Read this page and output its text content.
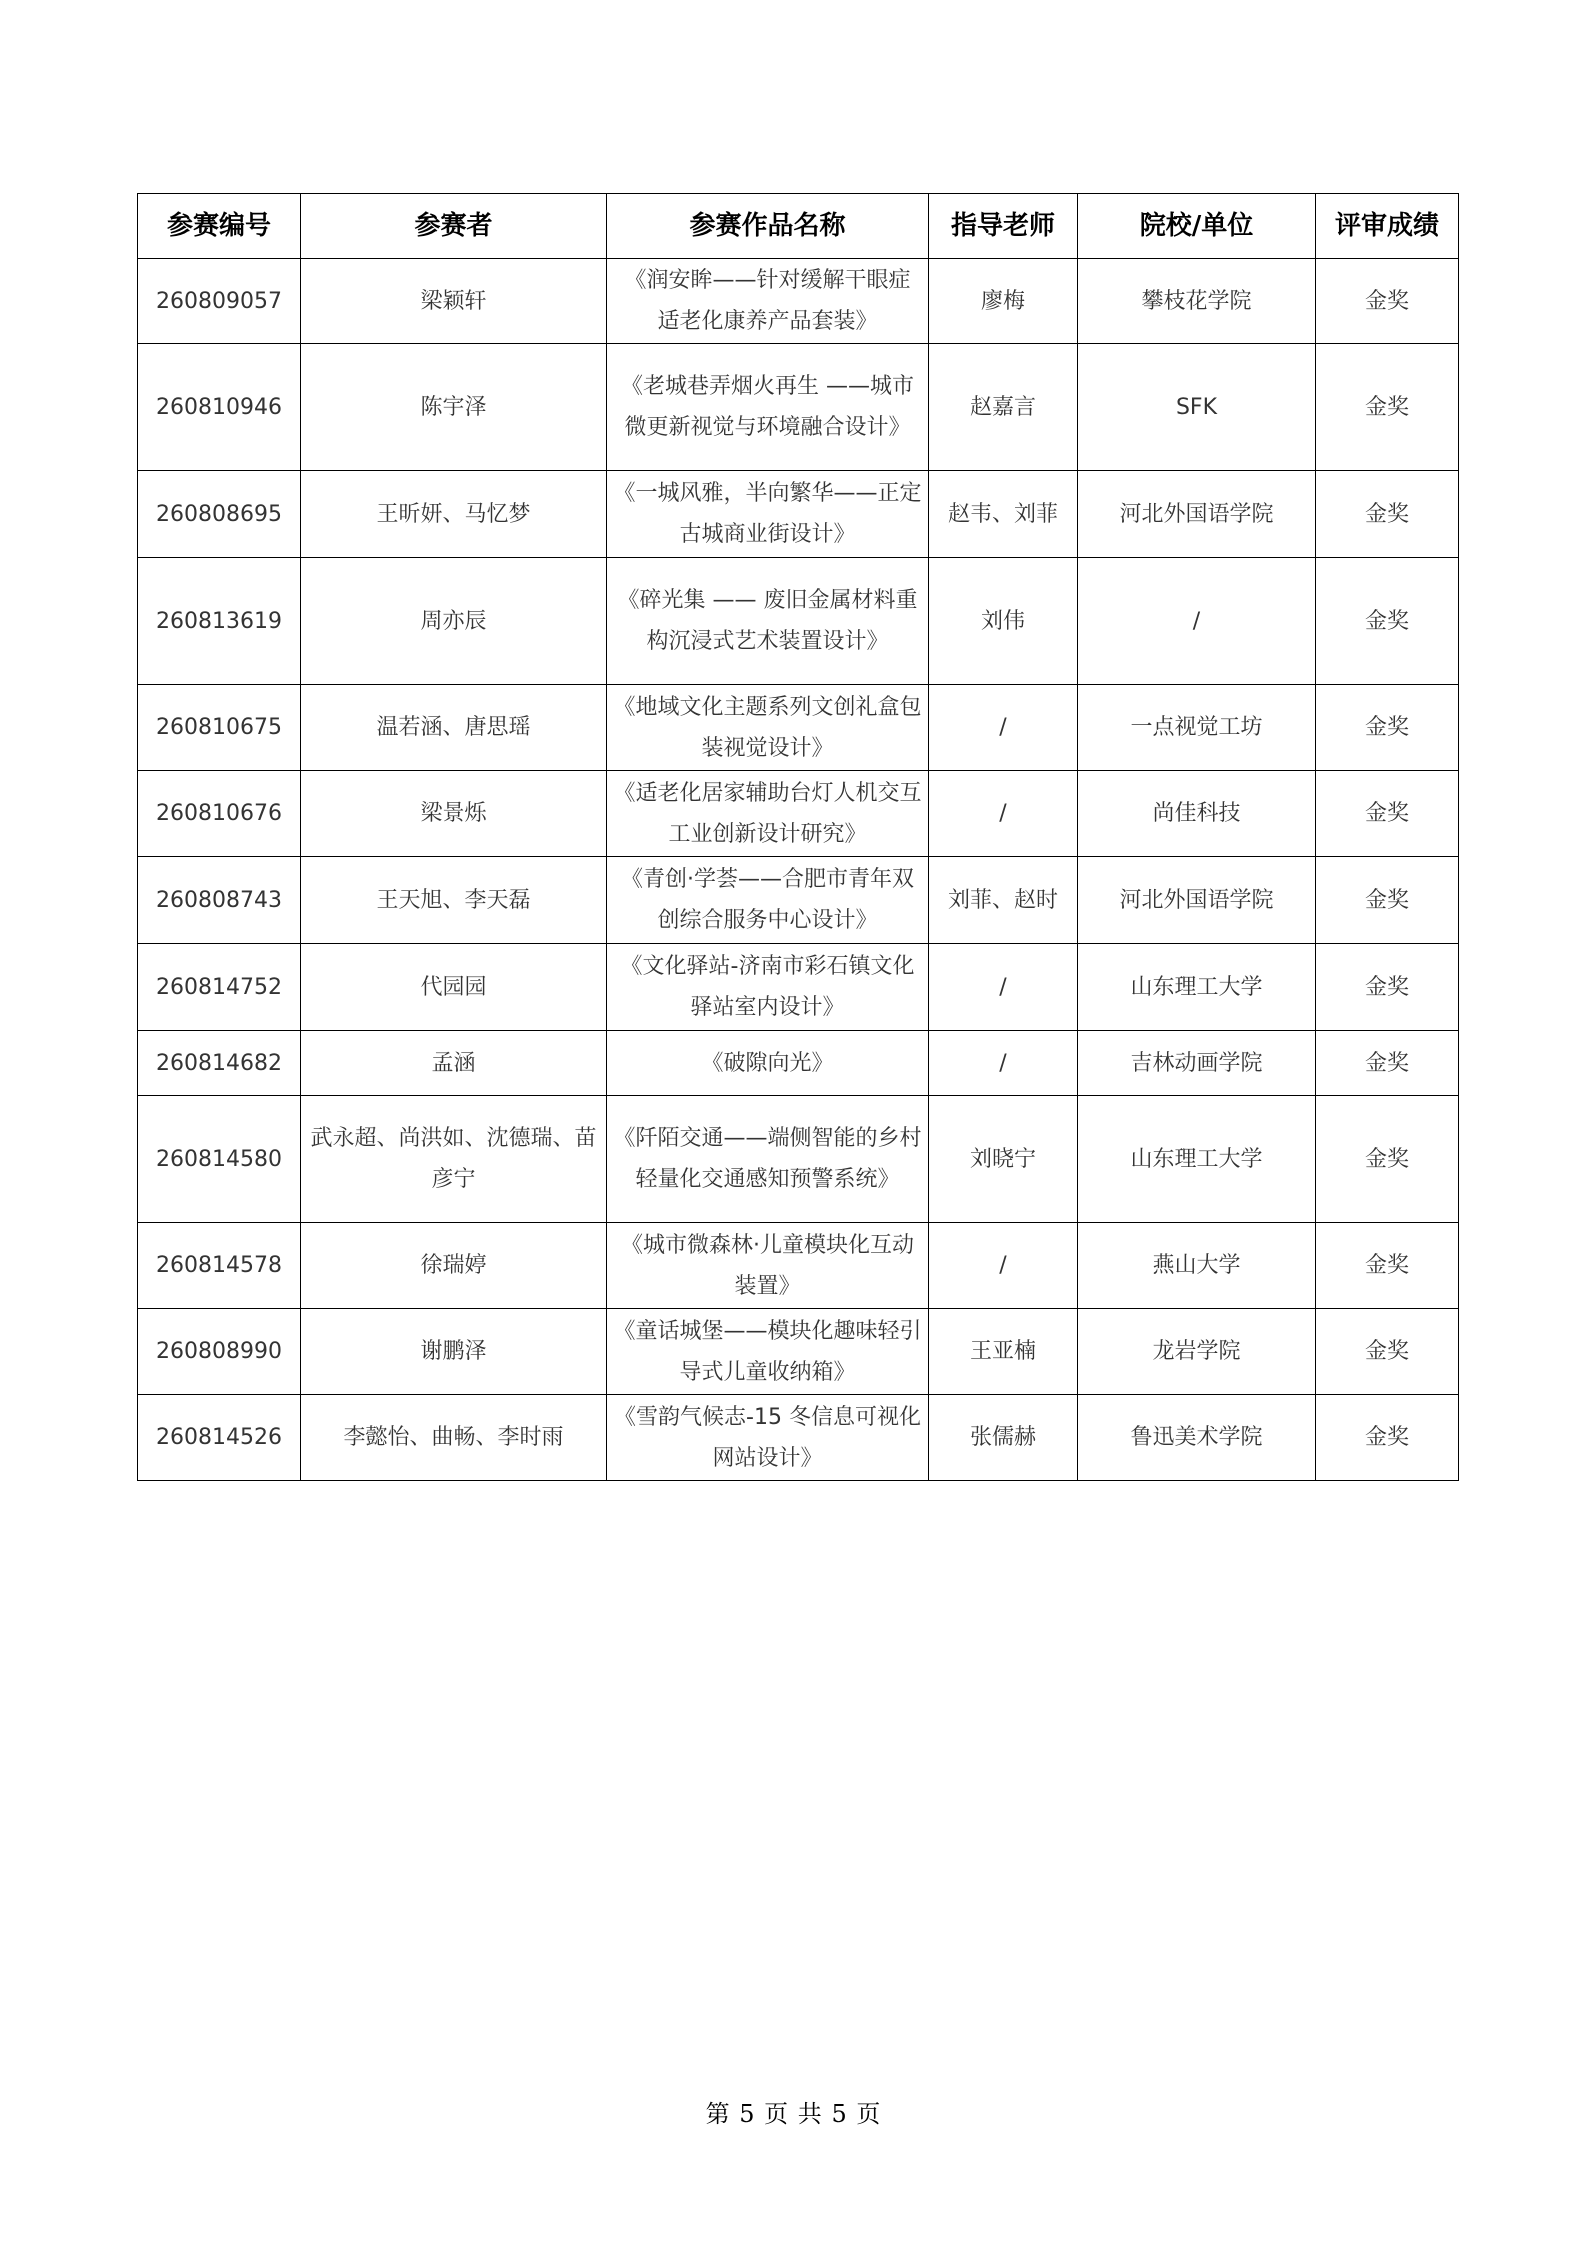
参赛编号	参赛者	参赛作品名称	指导老师	院校/单位	评审成绩
260809057	梁颖轩	《润安眸——针对缓解干眼症 适老化康养产品套装》	廖梅	攀枝花学院	金奖
260810946	陈宇泽	《老城巷弄烟火再生 ——城市微更新视觉与环境融合设计》	赵嘉言	SFK	金奖
260808695	王昕妍、马忆梦	《一城风雅，半向繁华——正定古城商业街设计》	赵韦、刘菲	河北外国语学院	金奖
260813619	周亦辰	《碎光集 —— 废旧金属材料重构沉浸式艺术装置设计》	刘伟	/	金奖
260810675	温若涵、唐思瑶	《地域文化主题系列文创礼盒包装视觉设计》	/	一点视觉工坊	金奖
260810676	梁景烁	《适老化居家辅助台灯人机交互工业创新设计研究》	/	尚佳科技	金奖
260808743	王天旭、李天磊	《青创·学荟——合肥市青年双创综合服务中心设计》	刘菲、赵时	河北外国语学院	金奖
260814752	代园园	《文化驿站-济南市彩石镇文化驿站室内设计》	/	山东理工大学	金奖
260814682	孟涵	《破隙向光》	/	吉林动画学院	金奖
260814580	武永超、尚洪如、沈德瑞、苗彦宁	《阡陌交通——端侧智能的乡村轻量化交通感知预警系统》	刘晓宁	山东理工大学	金奖
260814578	徐瑞婷	《城市微森林·儿童模块化互动装置》	/	燕山大学	金奖
260808990	谢鹏泽	《童话城堡——模块化趣味轻引导式儿童收纳箱》	王亚楠	龙岩学院	金奖
260814526	李懿怡、曲畅、李时雨	《雪韵气候志-15 冬信息可视化网站设计》	张儒赫	鲁迅美术学院	金奖
第 5 页 共 5 页
